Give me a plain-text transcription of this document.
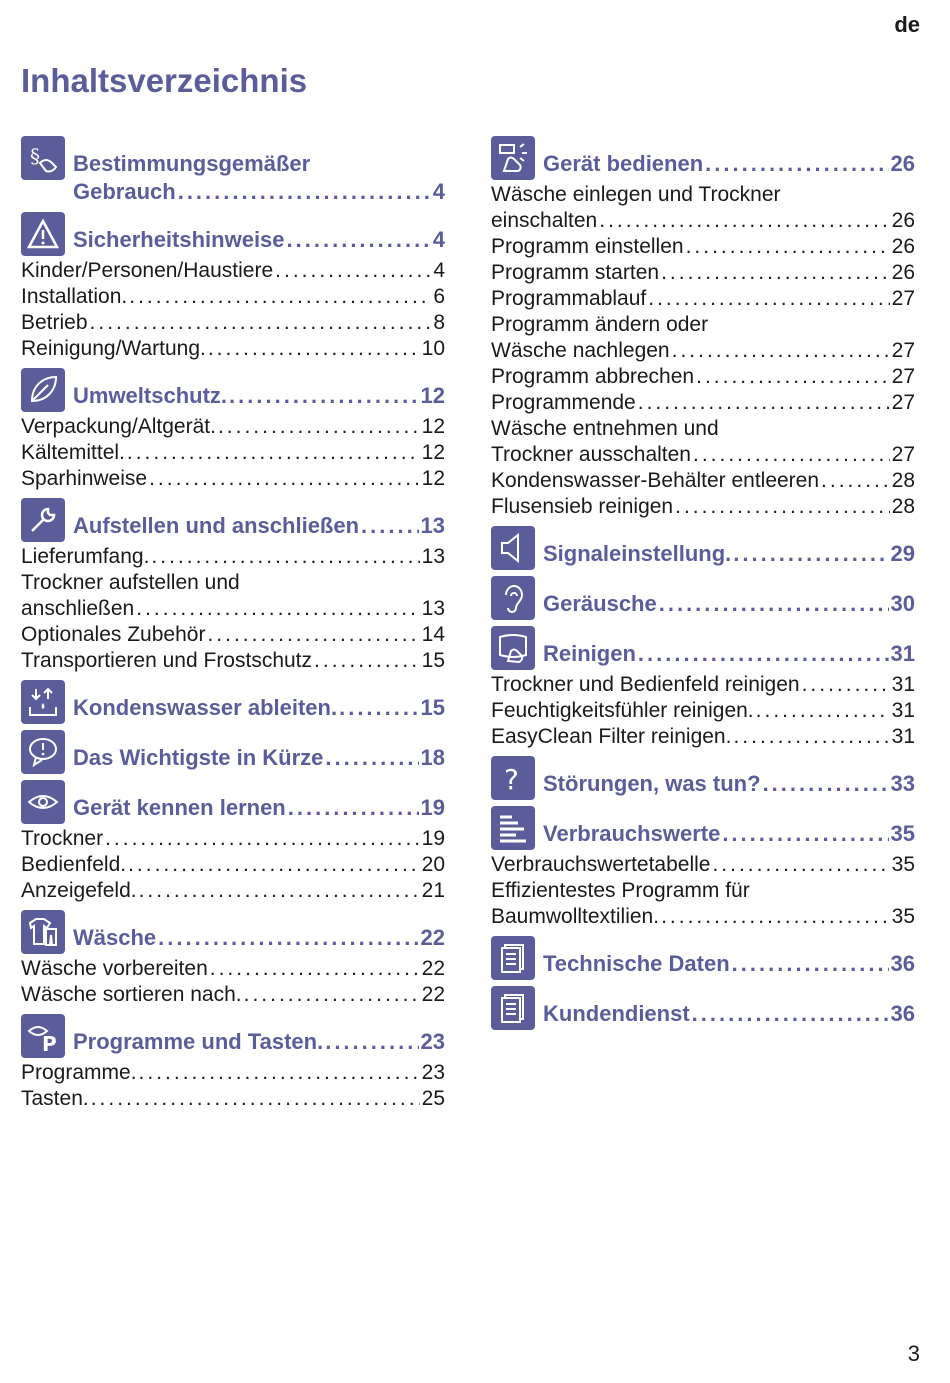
de
Inhaltsverzeichnis
§ Bestimmungsgemäßer
Gebrauch .....	4
Sicherheitshinweise .....	4
Kinder/Personen/Haustiere .....	4
Installation. .....	6
Betrieb .....	8
Reinigung/Wartung. .....	10
Umweltschutz. .....	12
Verpackung/Altgerät. .....	12
Kältemittel. .....	12
Sparhinweise .....	12
Aufstellen und anschließen .....	13
Lieferumfang. .....	13
Trockner aufstellen und
anschließen .....	13
Optionales Zubehör .....	14
Transportieren und Frostschutz .....	15
Kondenswasser ableiten. .....	15
Das Wichtigste in Kürze .....	18
Gerät kennen lernen .....	19
Trockner .....	19
Bedienfeld. .....	20
Anzeigefeld. .....	21
Wäsche .....	22
Wäsche vorbereiten .....	22
Wäsche sortieren nach. .....	22
P Programme und Tasten. .....	23
Programme. .....	23
Tasten. .....	25
Gerät bedienen .....	26
Wäsche einlegen und Trockner
einschalten .....	26
Programm einstellen .....	26
Programm starten .....	26
Programmablauf .....	27
Programm ändern oder
Wäsche nachlegen .....	27
Programm abbrechen .....	27
Programmende .....	27
Wäsche entnehmen und
Trockner ausschalten .....	27
Kondenswasser-Behälter entleeren .....	28
Flusensieb reinigen .....	28
Signaleinstellung. .....	29
Geräusche .....	30
Reinigen .....	31
Trockner und Bedienfeld reinigen .....	31
Feuchtigkeitsfühler reinigen. .....	31
EasyClean Filter reinigen. .....	31
? Störungen, was tun? .....	33
Verbrauchswerte .....	35
Verbrauchswertetabelle .....	35
Effizientestes Programm für
Baumwolltextilien. .....	35
Technische Daten .....	36
Kundendienst .....	36
3
